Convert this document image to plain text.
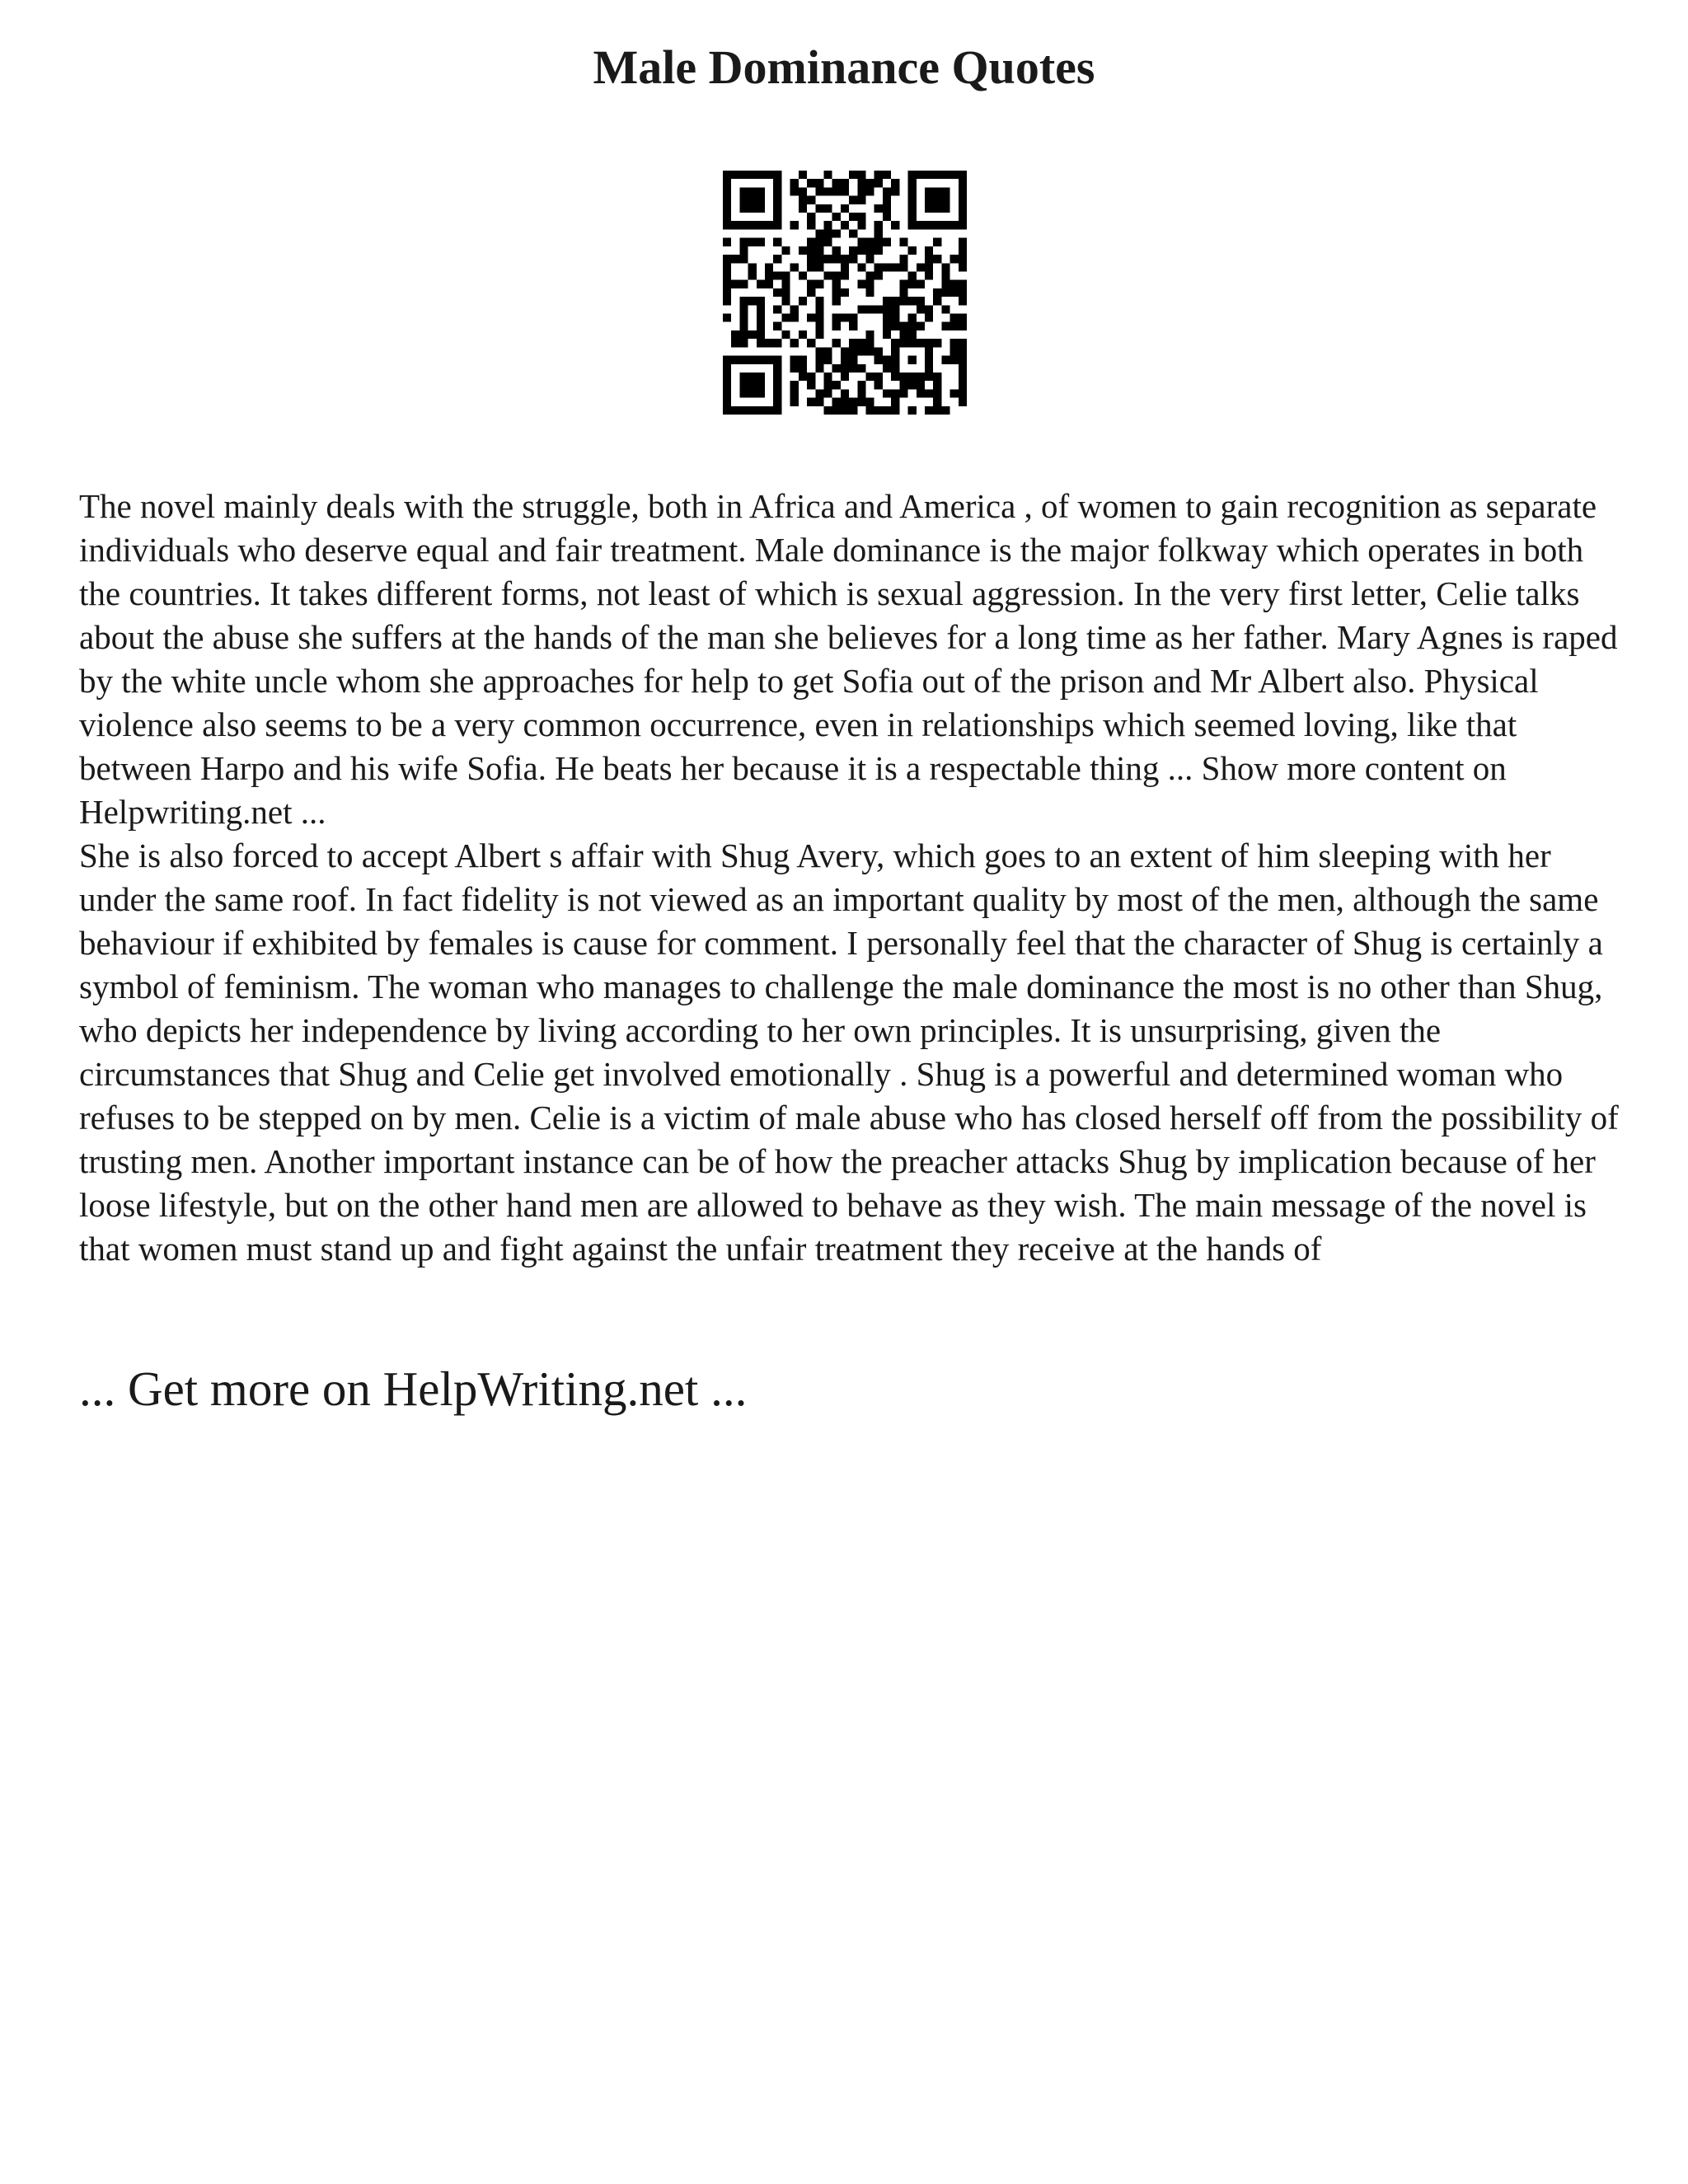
Male Dominance Quotes

The novel mainly deals with the struggle, both in Africa and America , of women to gain recognition as separate individuals who deserve equal and fair treatment. Male dominance is the major folkway which operates in both the countries. It takes different forms, not least of which is sexual aggression. In the very first letter, Celie talks about the abuse she suffers at the hands of the man she believes for a long time as her father. Mary Agnes is raped by the white uncle whom she approaches for help to get Sofia out of the prison and Mr Albert also. Physical violence also seems to be a very common occurrence, even in relationships which seemed loving, like that between Harpo and his wife Sofia. He beats her because it is a respectable thing ... Show more content on Helpwriting.net ...

She is also forced to accept Albert s affair with Shug Avery, which goes to an extent of him sleeping with her under the same roof. In fact fidelity is not viewed as an important quality by most of the men, although the same behaviour if exhibited by females is cause for comment. I personally feel that the character of Shug is certainly a symbol of feminism. The woman who manages to challenge the male dominance the most is no other than Shug, who depicts her independence by living according to her own principles. It is unsurprising, given the circumstances that Shug and Celie get involved emotionally . Shug is a powerful and determined woman who refuses to be stepped on by men. Celie is a victim of male abuse who has closed herself off from the possibility of trusting men. Another important instance can be of how the preacher attacks Shug by implication because of her loose lifestyle, but on the other hand men are allowed to behave as they wish. The main message of the novel is that women must stand up and fight against the unfair treatment they receive at the hands of

... Get more on HelpWriting.net ...
